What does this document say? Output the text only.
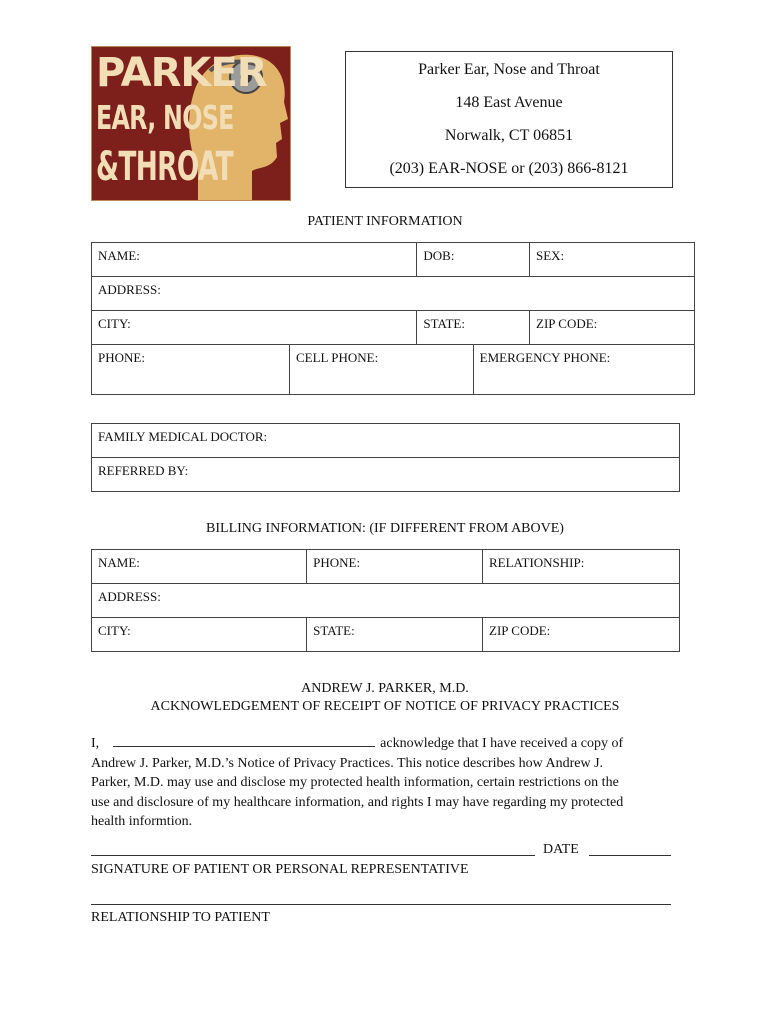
PARKER
EAR, NOSE
&THROAT
Parker Ear, Nose and Throat
148 East Avenue
Norwalk, CT 06851
(203) EAR-NOSE or (203) 866-8121
PATIENT INFORMATION
NAME:		DOB:		SEX:
ADDRESS:				
CITY:		STATE:		ZIP CODE:
PHONE:	CELL PHONE:		EMERGENCY PHONE:	
FAMILY MEDICAL DOCTOR:
REFERRED BY:
BILLING INFORMATION: (IF DIFFERENT FROM ABOVE)
NAME:	PHONE:	RELATIONSHIP:
ADDRESS:		
CITY:	STATE:	ZIP CODE:
ANDREW J. PARKER, M.D.
ACKNOWLEDGEMENT OF RECEIPT OF NOTICE OF PRIVACY PRACTICES
I,	acknowledge that I have received a copy of
Andrew J. Parker, M.D.’s Notice of Privacy Practices. This notice describes how Andrew J.
Parker, M.D. may use and disclose my protected health information, certain restrictions on the
use and disclosure of my healthcare information, and rights I may have regarding my protected
health informtion.
DATE
SIGNATURE OF PATIENT OR PERSONAL REPRESENTATIVE
RELATIONSHIP TO PATIENT
